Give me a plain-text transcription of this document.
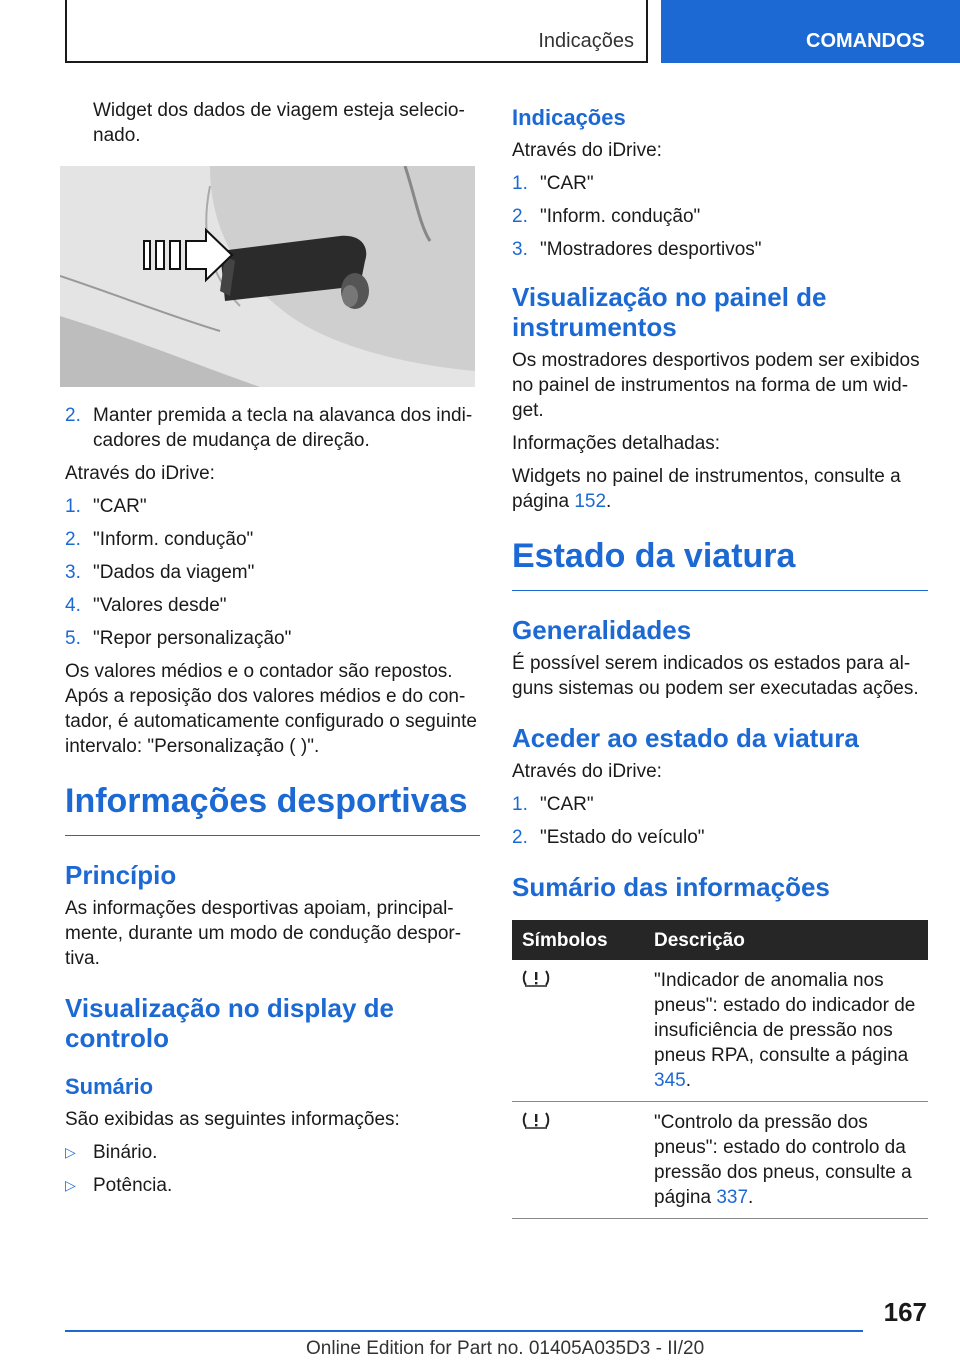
Indicações	COMANDOS

Widget dos dados de viagem esteja selecionado.

2. Manter premida a tecla na alavanca dos indicadores de mudança de direção.

Através do iDrive:

1. "CAR"
2. "Inform. condução"
3. "Dados da viagem"
4. "Valores desde"
5. "Repor personalização"

Os valores médios e o contador são repostos. Após a reposição dos valores médios e do contador, é automaticamente configurado o seguinte intervalo: "Personalização ( )".

Informações desportivas
Princípio

As informações desportivas apoiam, principalmente, durante um modo de condução desportiva.

Visualização no display de controlo
Sumário

São exibidas as seguintes informações:

▷ Binário.
▷ Potência.
Indicações

Através do iDrive:

1. "CAR"
2. "Inform. condução"
3. "Mostradores desportivos"
Visualização no painel de instrumentos

Os mostradores desportivos podem ser exibidos no painel de instrumentos na forma de um widget.

Informações detalhadas:

Widgets no painel de instrumentos, consulte a página 152.

Estado da viatura
Generalidades

É possível serem indicados os estados para alguns sistemas ou podem ser executadas ações.

Aceder ao estado da viatura

Através do iDrive:

1. "CAR"
2. "Estado do veículo"
Sumário das informações
Símbolos	Descrição
	"Indicador de anomalia nos pneus": estado do indicador de insuficiência de pressão nos pneus RPA, consulte a página 345.
	"Controlo da pressão dos pneus": estado do controlo da pressão dos pneus, consulte a página 337.
167
Online Edition for Part no. 01405A035D3 - II/20
